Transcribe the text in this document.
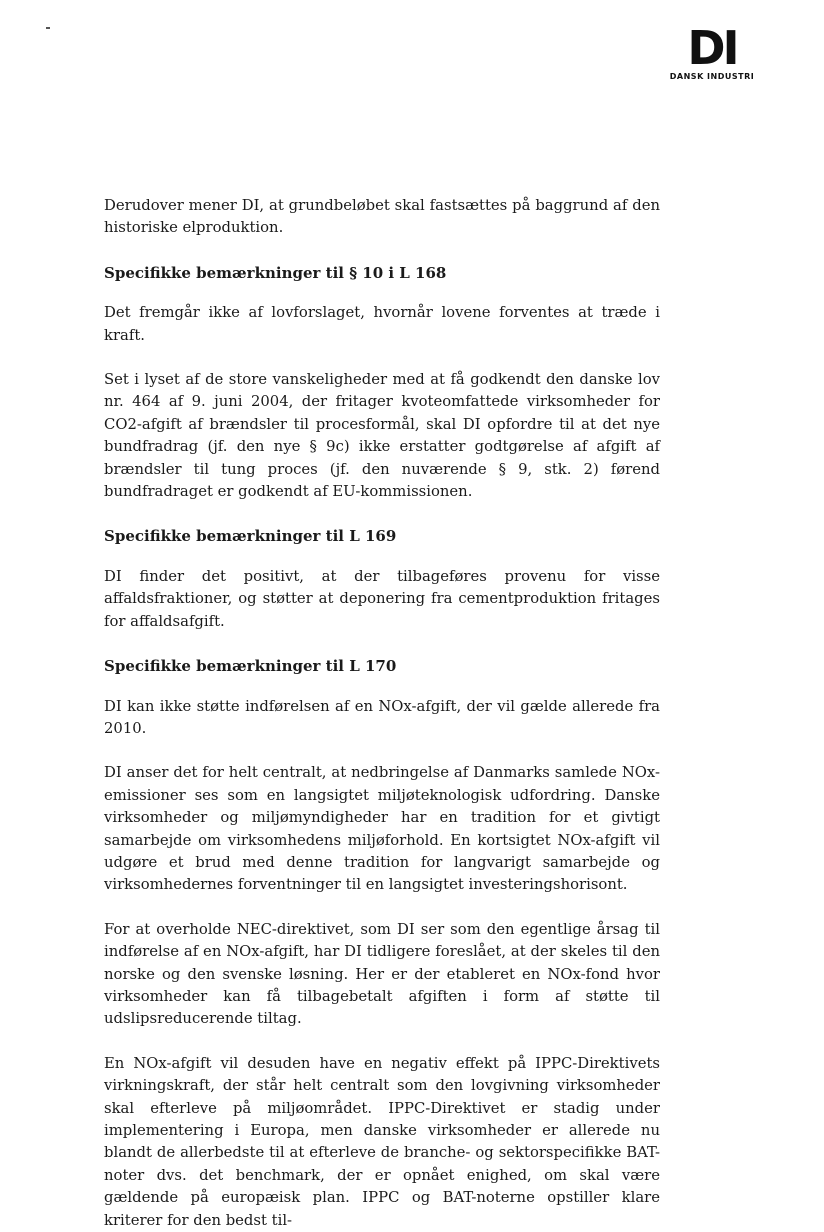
DI
DANSK INDUSTRI

Derudover mener DI, at grundbeløbet skal fastsættes på baggrund af den historiske elproduktion.

Specifikke bemærkninger til § 10 i L 168

Det fremgår ikke af lovforslaget, hvornår lovene forventes at træde i kraft.

Set i lyset af de store vanskeligheder med at få godkendt den danske lov nr. 464 af 9. juni 2004, der fritager kvoteomfattede virksomheder for CO2-afgift af brændsler til procesformål, skal DI opfordre til at det nye bundfradrag (jf. den nye § 9c) ikke erstatter godtgørelse af afgift af brændsler til tung proces (jf. den nuværende § 9, stk. 2) førend bundfradraget er godkendt af EU-kommissionen.

Specifikke bemærkninger til L 169

DI finder det positivt, at der tilbageføres provenu for visse affaldsfraktioner, og støtter at deponering fra cementproduktion fritages for affaldsafgift.

Specifikke bemærkninger til L 170

DI kan ikke støtte indførelsen af en NOx-afgift, der vil gælde allerede fra 2010.

DI anser det for helt centralt, at nedbringelse af Danmarks samlede NOx-emissioner ses som en langsigtet miljøteknologisk udfordring. Danske virksomheder og miljømyndigheder har en tradition for et givtigt samarbejde om virksomhedens miljøforhold. En kortsigtet NOx-afgift vil udgøre et brud med denne tradition for langvarigt samarbejde og virksomhedernes forventninger til en langsigtet investeringshorisont.

For at overholde NEC-direktivet, som DI ser som den egentlige årsag til indførelse af en NOx-afgift, har DI tidligere foreslået, at der skeles til den norske og den svenske løsning. Her er der etableret en NOx-fond hvor virksomheder kan få tilbagebetalt afgiften i form af støtte til udslipsreducerende tiltag.

En NOx-afgift vil desuden have en negativ effekt på IPPC-Direktivets virkningskraft, der står helt centralt som den lovgivning virksomheder skal efterleve på miljøområdet. IPPC-Direktivet er stadig under implementering i Europa, men danske virksomheder er allerede nu blandt de allerbedste til at efterleve de branche- og sektorspecifikke BAT-noter dvs. det benchmark, der er opnået enighed, om skal være gældende på europæisk plan. IPPC og BAT-noterne opstiller klare kriterer for den bedst til-
